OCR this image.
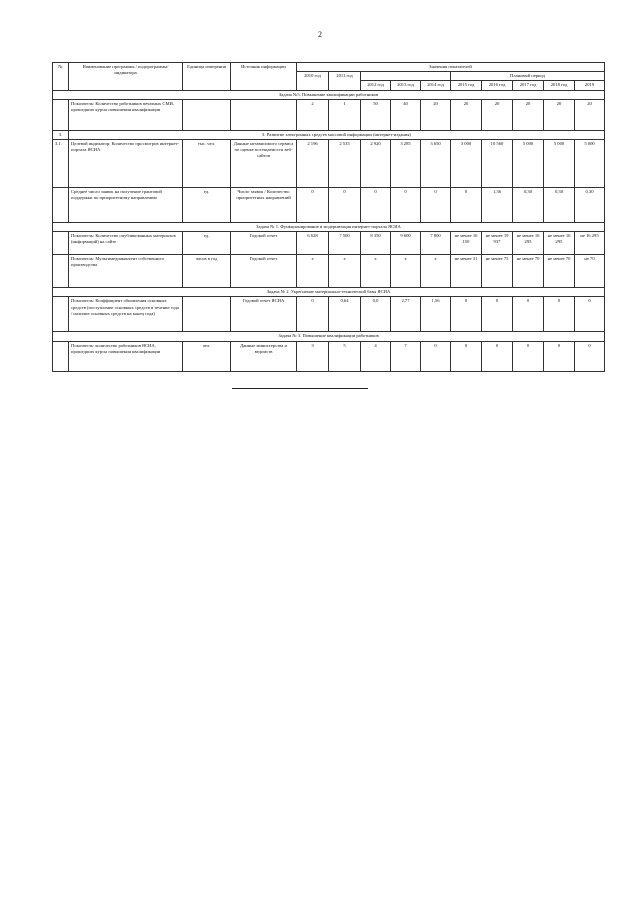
2
№	Наименование программы / подпрограммы/ индикатора	Единица измерения	Источник информации	Значения показателей									
				2010 год	2011 год				Плановый период				
						2012 год	2013 год	2014 год	2015 год	2016 год	2017 год	2018 год	2019
Задача №5. Повышение квалификации работников													
	Показатель: Количество работников печатных СМИ, прошедших курсы повышения квалификации			2	1	50	40	20	20	20	20	20	20
3.	3. Развитие электронных средств массовой информации (интернет-издания)												
3.1.	Целевой индикатор: Количество просмотров интернет-портала ЯСИА	тыс. чел.	Данные независимого сервиса по оценке посещаемости веб-сайтов	2 196	2 535	2 920	3 285	3 650	3 000	10 560	5 000	5 000	5 000
	Среднее число заявок на получение грантовой поддержки по приоритетному направлению	ед.	Число заявок / Количество приоритетных направлений	0	0	0	0	0	0	1,36	0,30	0,30	0,30
Задача № 1. Функционирование и модернизация интернет-портала ЯСИА													
	Показатель: Количество опубликованных материалов (информаций) на сайте	ед.	Годовой отчет	6 628	7 500	8 350	9 600	7 800	не менее 16 150	не менее 19 937	не менее 16 295	не менее 16 295	не 16 295
	Показатель: Мультимедиаконтент собственного производства	часов в год	Годовой отчет	х	х	х	х	х	не менее 31	не менее 75	не менее 70	не менее 70	не 70
Задача № 2. Укрепление материально-технической базы ЯСИА													
	Показатель: Коэффициент обновления основных средств (поступление основных средств в течение года / наличие основных средств на конец года)		Годовой отчет ЯСИА	0	0,64	0,0	2,77	1,56	0	0	0	0	0
Задача № 3. Повышение квалификации работников													
	Показатель: количество работников ЯСИА, прошедших курсы повышения квалификации	чел.	Данные министерства и ведомств	3	5	4	7	0	0	0	0	0	0
